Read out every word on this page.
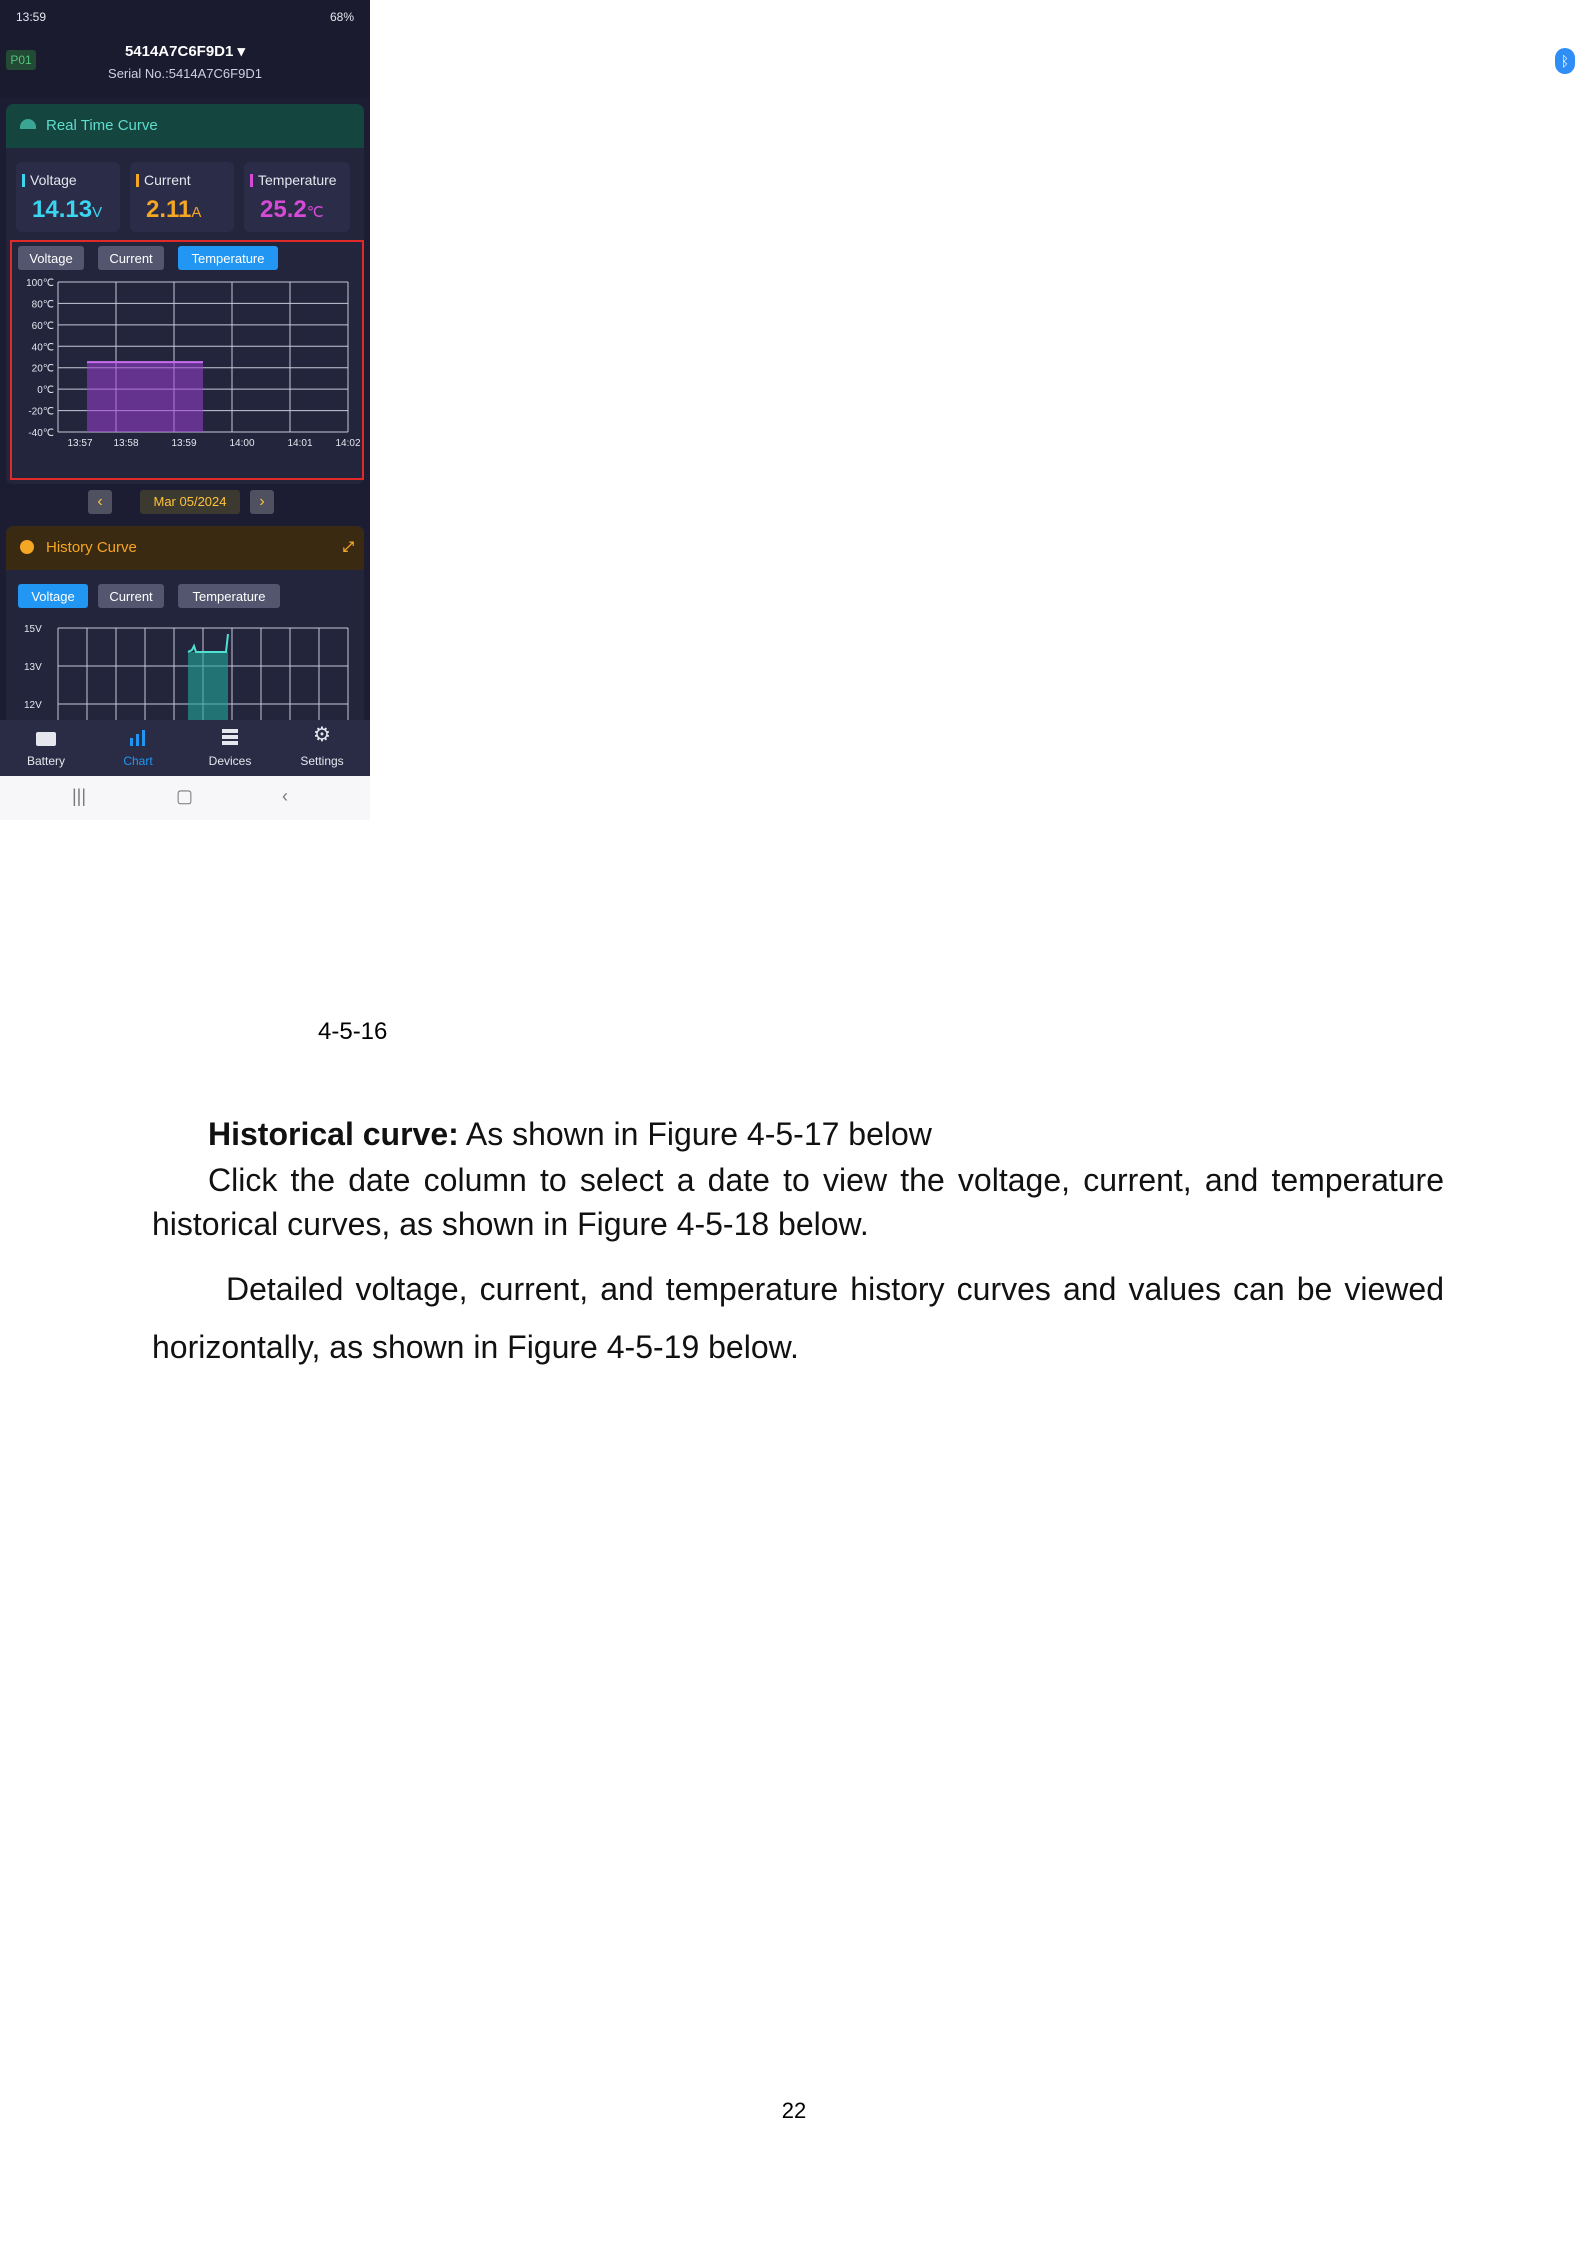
13:59	68%
P01	5414A7C6F9D1 ▾
Serial No.:5414A7C6F9D1
ᛒ
Real Time Curve
Voltage
14.13V
Current
2.11A
Temperature
25.2℃
Voltage	Current	Temperature
100℃
80℃
60℃
40℃
20℃
0℃
-20℃
-40℃
13:57 13:58	13:59	14:00	14:01 14:02
‹	Mar 05/2024	›
History Curve	⤢
Voltage	Current	Temperature
15V
13V
12V
Battery	Chart	Devices
⚙
Settings
|||	▢	‹
4-5-16
Historical curve: As shown in Figure 4-5-17 below
Click the date column to select a date to view the voltage, current, and temperature historical curves, as shown in Figure 4-5-18 below.
Detailed voltage, current, and temperature history curves and values can be viewed horizontally, as shown in Figure 4-5-19 below.
22
